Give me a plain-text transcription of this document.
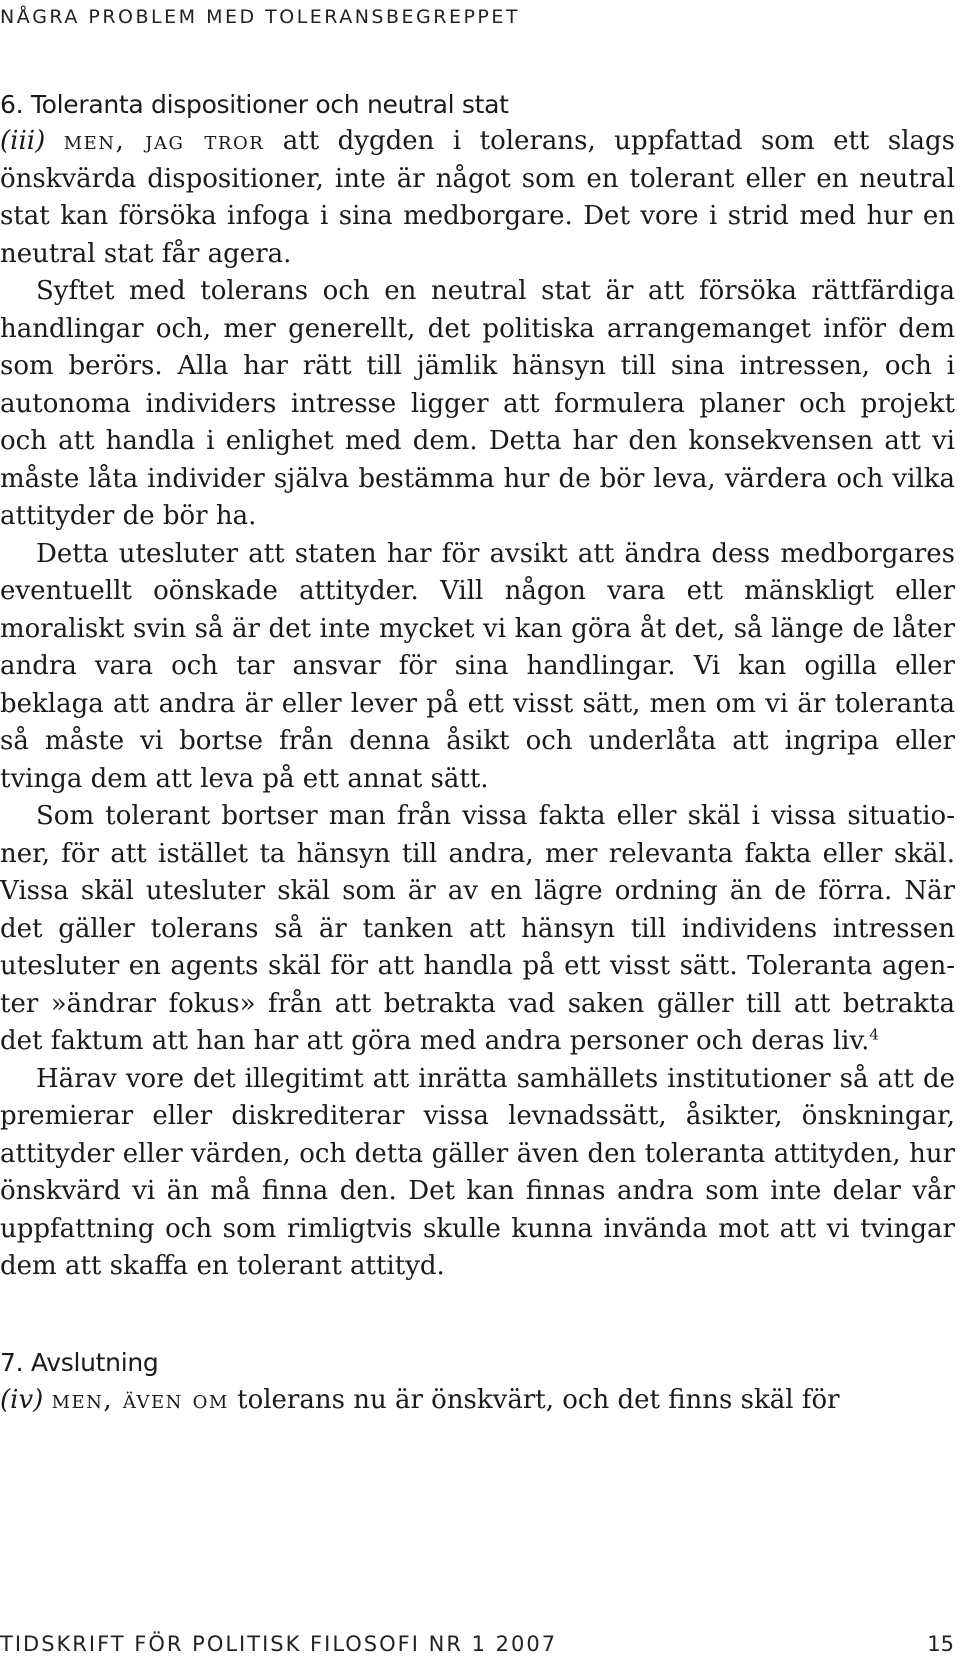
NÅGRA PROBLEM MED TOLERANSBEGREPPET
6. Toleranta dispositioner och neutral stat

(iii) men, jag tror att dygden i tolerans, uppfattad som ett slags önskvärda dispositioner, inte är något som en tolerant eller en neutral stat kan försöka infoga i sina medborgare. Det vore i strid med hur en neutral stat får agera.

Syftet med tolerans och en neutral stat är att försöka rättfärdiga handlingar och, mer generellt, det politiska arrangemanget inför dem som berörs. Alla har rätt till jämlik hänsyn till sina intressen, och i autonoma individers intresse ligger att formulera planer och projekt och att handla i enlighet med dem. Detta har den konsekvensen att vi måste låta individer själva bestämma hur de bör leva, värdera och vilka attityder de bör ha.

Detta utesluter att staten har för avsikt att ändra dess medborgares eventuellt oönskade attityder. Vill någon vara ett mänskligt eller moraliskt svin så är det inte mycket vi kan göra åt det, så länge de låter andra vara och tar ansvar för sina handlingar. Vi kan ogilla eller beklaga att andra är eller lever på ett visst sätt, men om vi är toleranta så måste vi bortse från denna åsikt och underlåta att ingripa eller tvinga dem att leva på ett annat sätt.

Som tolerant bortser man från vissa fakta eller skäl i vissa situationer, för att istället ta hänsyn till andra, mer relevanta fakta eller skäl. Vissa skäl utesluter skäl som är av en lägre ordning än de förra. När det gäller tolerans så är tanken att hänsyn till individens intressen utesluter en agents skäl för att handla på ett visst sätt. Toleranta agenter »ändrar fokus» från att betrakta vad saken gäller till att betrakta det faktum att han har att göra med andra personer och deras liv.$^4$

Härav vore det illegitimt att inrätta samhällets institutioner så att de premierar eller diskrediterar vissa levnadssätt, åsikter, önskningar, attityder eller värden, och detta gäller även den toleranta attityden, hur önskvärd vi än må finna den. Det kan finnas andra som inte delar vår uppfattning och som rimligtvis skulle kunna invända mot att vi tvingar dem att skaffa en tolerant attityd.

7. Avslutning

(iv) men, även om tolerans nu är önskvärt, och det finns skäl för

TIDSKRIFT FÖR POLITISK FILOSOFI NR 1 2007	15
